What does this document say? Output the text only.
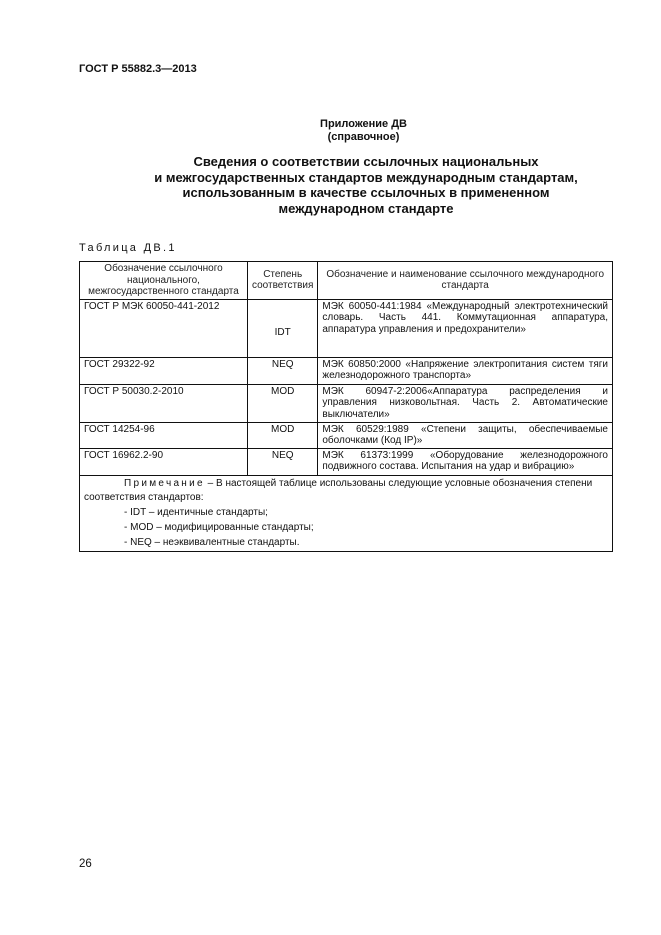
ГОСТ Р 55882.3—2013
Приложение ДВ
(справочное)
Сведения о соответствии ссылочных национальных
и межгосударственных стандартов международным стандартам,
использованным в качестве ссылочных в примененном
международном стандарте
Таблица ДВ.1
Обозначение ссылочного национального, межгосударственного стандарта	Степень соответствия	Обозначение и наименование ссылочного международного стандарта
ГОСТ Р МЭК 60050-441-2012	IDT	МЭК 60050-441:1984 «Международный электротехнический словарь. Часть 441. Коммутационная аппаратура, аппаратура управления и предохранители»
ГОСТ 29322-92	NEQ	МЭК 60850:2000 «Напряжение электропитания систем тяги железнодорожного транспорта»
ГОСТ Р 50030.2-2010	MOD	МЭК 60947-2:2006«Аппаратура распределения и управления низковольтная. Часть 2. Автоматические выключатели»
ГОСТ 14254-96	MOD	МЭК 60529:1989 «Степени защиты, обеспечиваемые оболочками (Код IP)»
ГОСТ 16962.2-90	NEQ	МЭК 61373:1999 «Оборудование железнодорожного подвижного состава. Испытания на удар и вибрацию»

Примечание – В настоящей таблице использованы следующие условные обозначения степени соответствия стандартов:
- IDT – идентичные стандарты;
- MOD – модифицированные стандарты;
- NEQ – неэквивалентные стандарты.		
26
